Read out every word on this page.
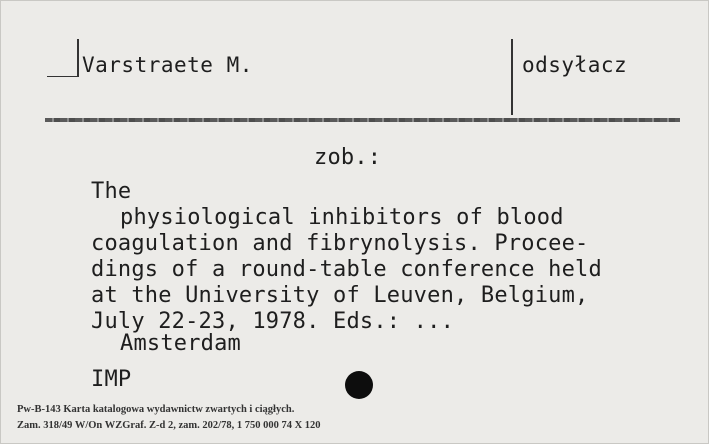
Varstraete M.	odsyłacz
zob.:
The
physiological inhibitors of blood
coagulation and fibrynolysis. Procee-
dings of a round-table conference held
at the University of Leuven, Belgium,
July 22-23, 1978. Eds.: ...
Amsterdam
IMP
Pw-B-143 Karta katalogowa wydawnictw zwartych i ciągłych.
Zam. 318/49 W/On WZGraf. Z-d 2, zam. 202/78, 1 750 000 74 X 120
